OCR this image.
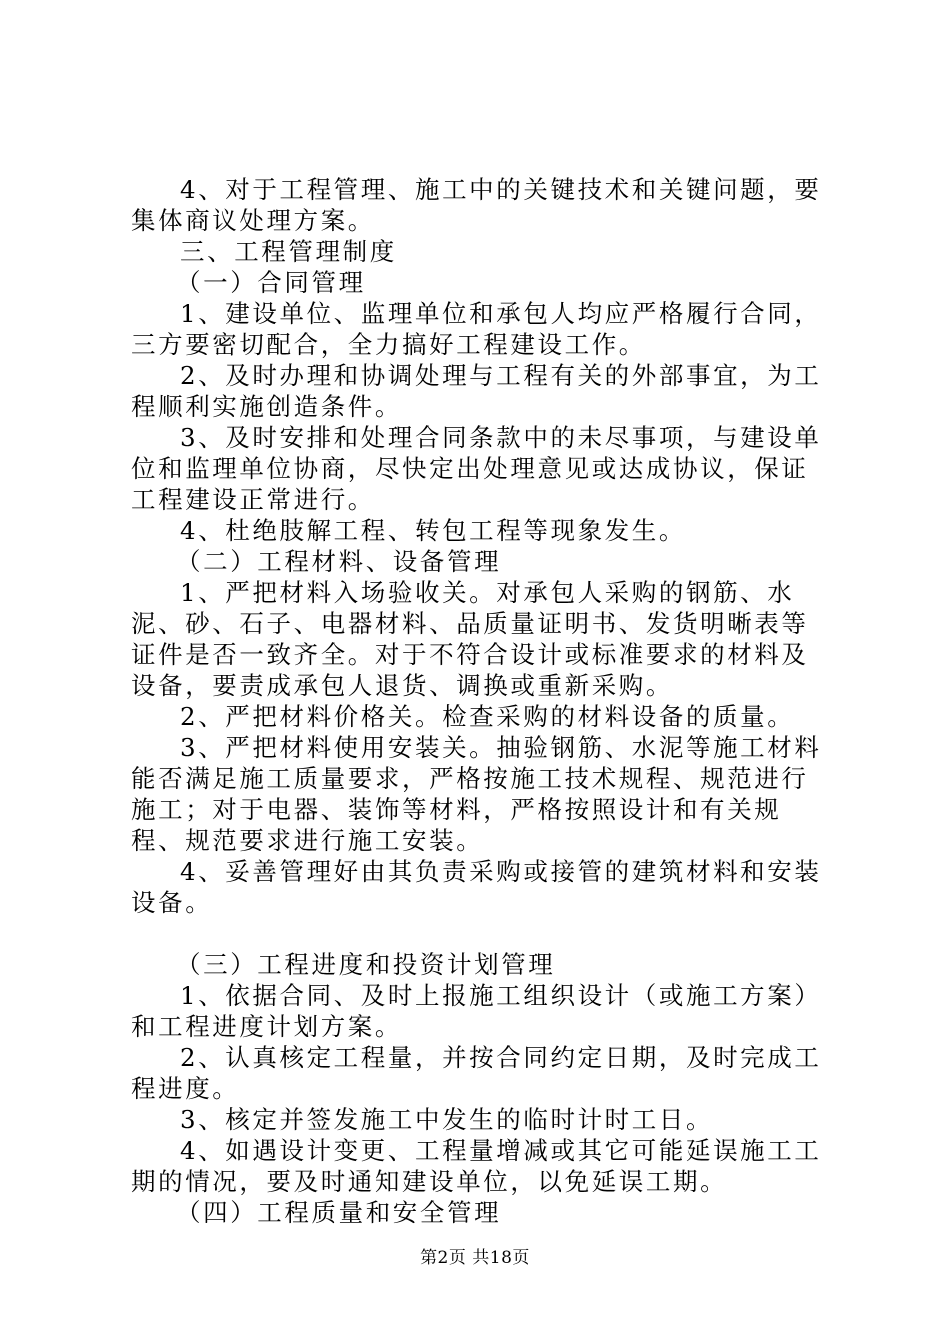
4、对于工程管理、施工中的关键技术和关键问题，要集体商议处理方案。

三、工程管理制度

（一）合同管理

1、建设单位、监理单位和承包人均应严格履行合同，三方要密切配合，全力搞好工程建设工作。

2、及时办理和协调处理与工程有关的外部事宜，为工程顺利实施创造条件。

3、及时安排和处理合同条款中的未尽事项，与建设单位和监理单位协商，尽快定出处理意见或达成协议，保证工程建设正常进行。

4、杜绝肢解工程、转包工程等现象发生。

（二）工程材料、设备管理

1、严把材料入场验收关。对承包人采购的钢筋、水泥、砂、石子、电器材料、品质量证明书、发货明晰表等证件是否一致齐全。对于不符合设计或标准要求的材料及设备，要责成承包人退货、调换或重新采购。

2、严把材料价格关。检查采购的材料设备的质量。

3、严把材料使用安装关。抽验钢筋、水泥等施工材料能否满足施工质量要求，严格按施工技术规程、规范进行施工；对于电器、装饰等材料，严格按照设计和有关规程、规范要求进行施工安装。

4、妥善管理好由其负责采购或接管的建筑材料和安装设备。

（三）工程进度和投资计划管理

1、依据合同、及时上报施工组织设计（或施工方案）和工程进度计划方案。

2、认真核定工程量，并按合同约定日期，及时完成工程进度。

3、核定并签发施工中发生的临时计时工日。

4、如遇设计变更、工程量增减或其它可能延误施工工期的情况，要及时通知建设单位，以免延误工期。

（四）工程质量和安全管理

第2页 共18页
